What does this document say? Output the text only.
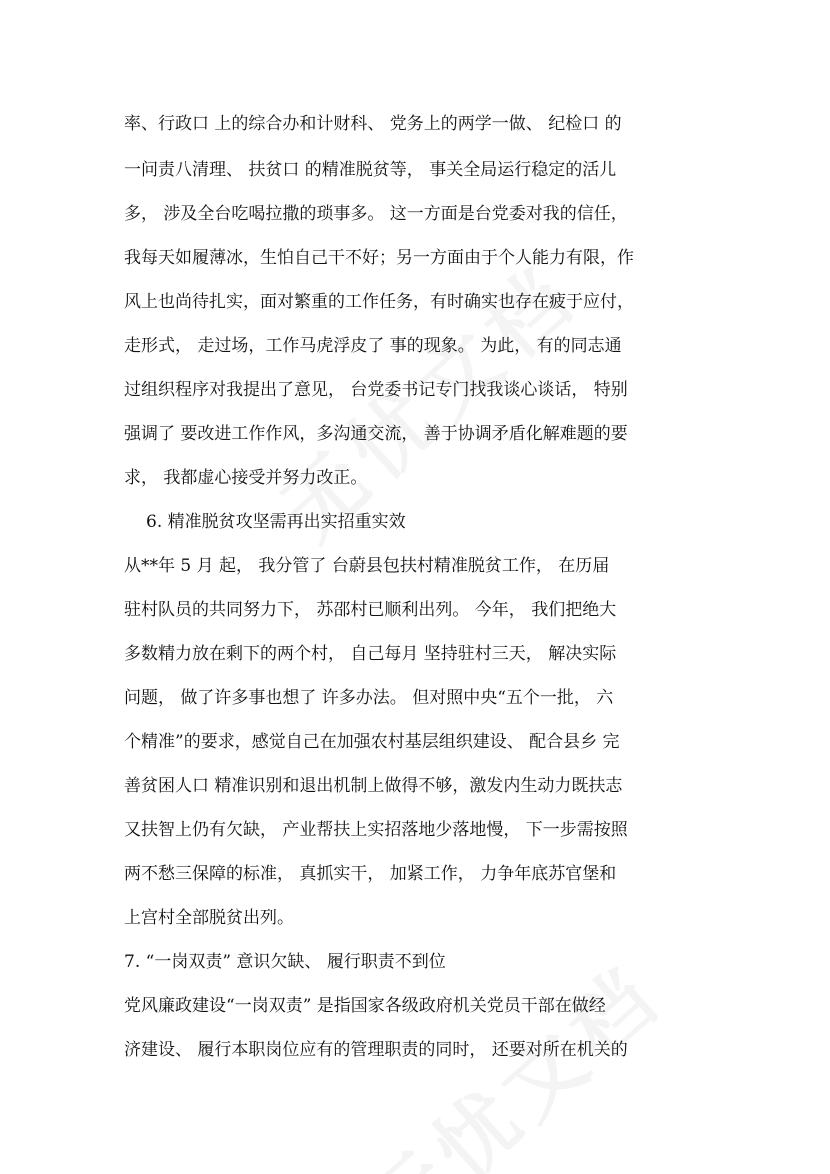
率、行政口 上的综合办和计财科、 党务上的两学一做、 纪检口 的
一问责八清理、 扶贫口 的精准脱贫等， 事关全局运行稳定的活儿
多， 涉及全台吃喝拉撒的琐事多。 这一方面是台党委对我的信任，
我每天如履薄冰，生怕自己干不好；另一方面由于个人能力有限，作
风上也尚待扎实，面对繁重的工作任务，有时确实也存在疲于应付，
走形式， 走过场，工作马虎浮皮了 事的现象。 为此， 有的同志通
过组织程序对我提出了意见， 台党委书记专门找我谈心谈话， 特别
强调了 要改进工作作风，多沟通交流， 善于协调矛盾化解难题的要
求， 我都虚心接受并努力改正。
6. 精准脱贫攻坚需再出实招重实效
从**年 5 月 起， 我分管了 台蔚县包扶村精准脱贫工作， 在历届
驻村队员的共同努力下， 苏邵村已顺利出列。 今年， 我们把绝大
多数精力放在剩下的两个村， 自己每月 坚持驻村三天， 解决实际
问题， 做了许多事也想了 许多办法。 但对照中央“五个一批， 六
个精准”的要求，感觉自己在加强农村基层组织建设、 配合县乡 完
善贫困人口 精准识别和退出机制上做得不够，激发内生动力既扶志
又扶智上仍有欠缺， 产业帮扶上实招落地少落地慢， 下一步需按照
两不愁三保障的标准， 真抓实干， 加紧工作， 力争年底苏官堡和
上宫村全部脱贫出列。
7. “一岗双责” 意识欠缺、 履行职责不到位
党风廉政建设“一岗双责” 是指国家各级政府机关党员干部在做经
济建设、 履行本职岗位应有的管理职责的同时， 还要对所在机关的
